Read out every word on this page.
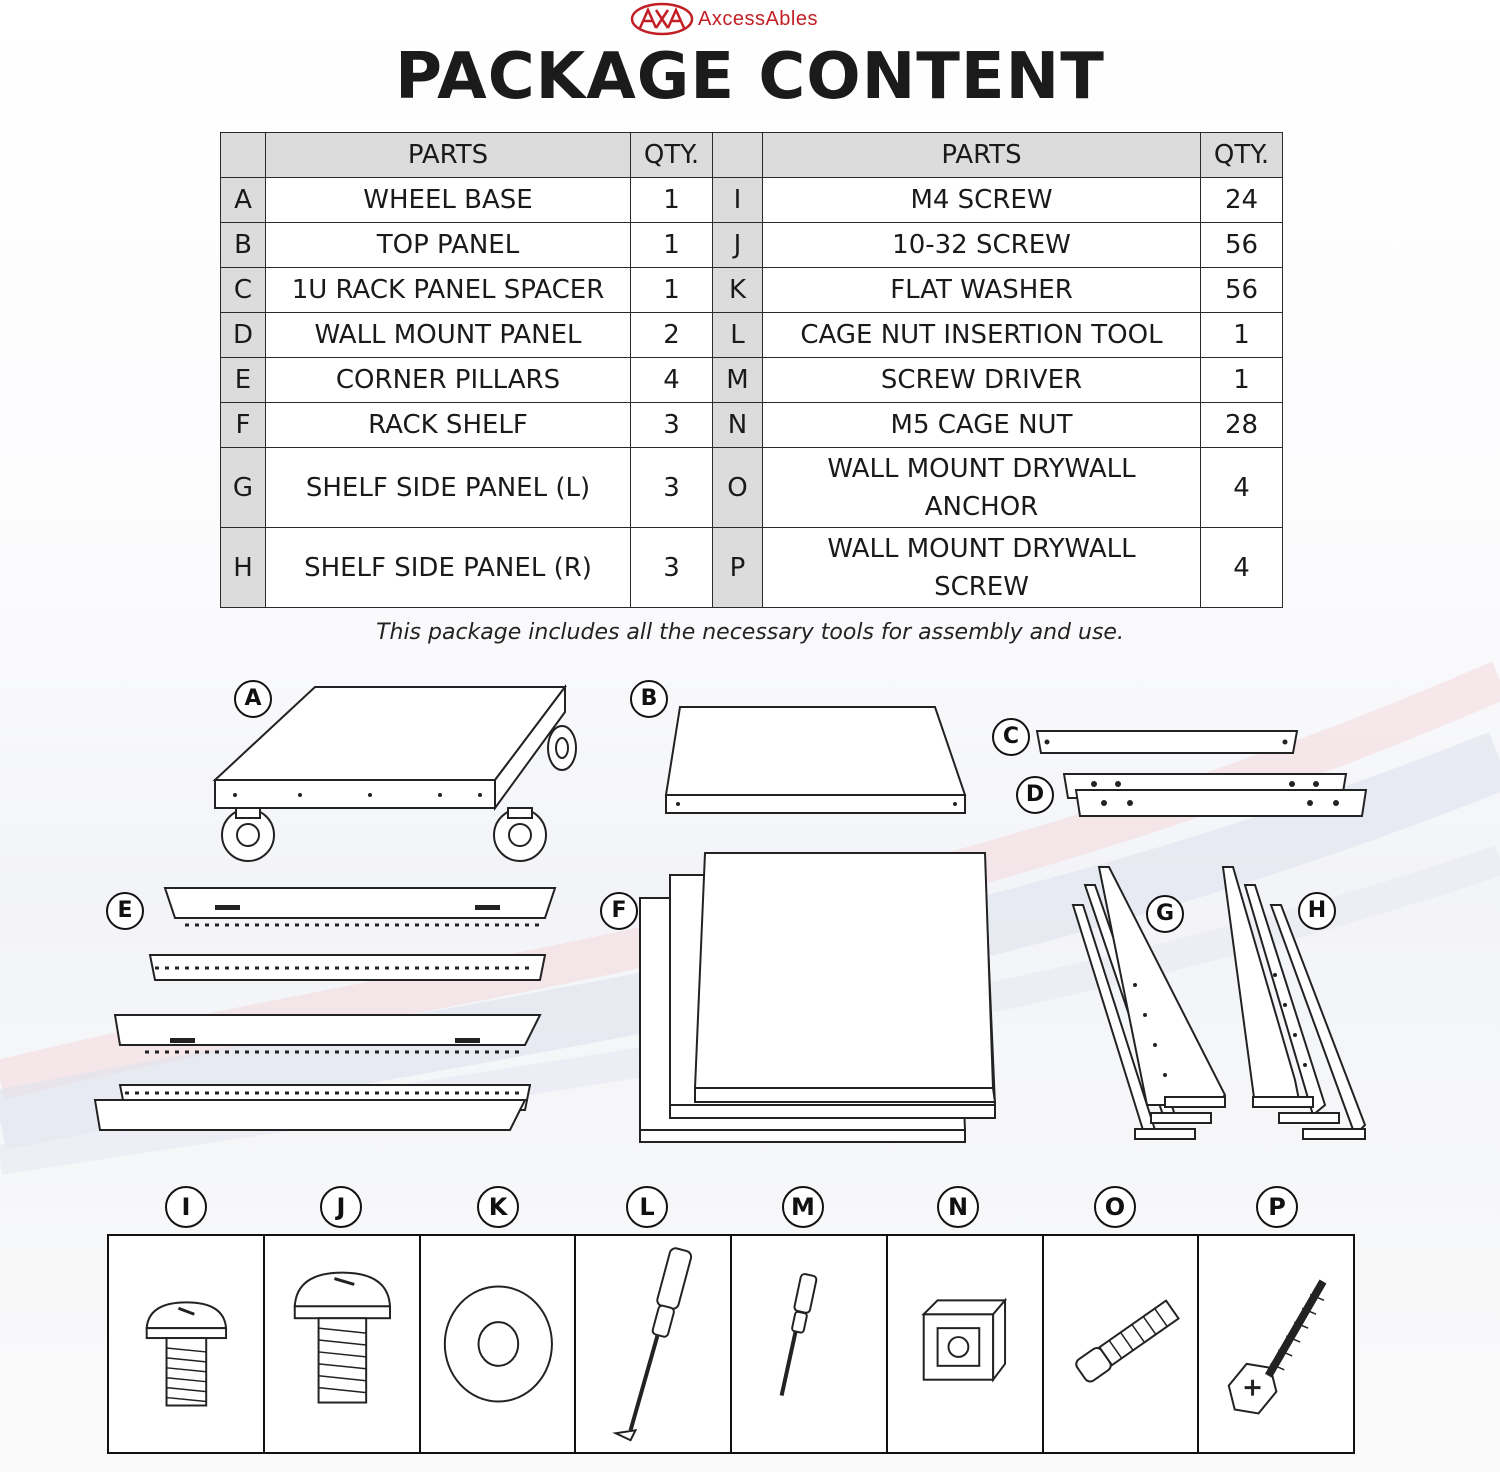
AxcessAbles
PACKAGE CONTENT
	PARTS	QTY.		PARTS	QTY.
A	WHEEL BASE	1	I	M4 SCREW	24
B	TOP PANEL	1	J	10-32 SCREW	56
C	1U RACK PANEL SPACER	1	K	FLAT WASHER	56
D	WALL MOUNT PANEL	2	L	CAGE NUT INSERTION TOOL	1
E	CORNER PILLARS	4	M	SCREW DRIVER	1
F	RACK SHELF	3	N	M5 CAGE NUT	28
G	SHELF SIDE PANEL (L)	3	O	WALL MOUNT DRYWALL ANCHOR	4
H	SHELF SIDE PANEL (R)	3	P	WALL MOUNT DRYWALL SCREW	4
This package includes all the necessary tools for assembly and use.
A	B
C
D
E	F	G	H
I	J	K	L	M	N	O	P
